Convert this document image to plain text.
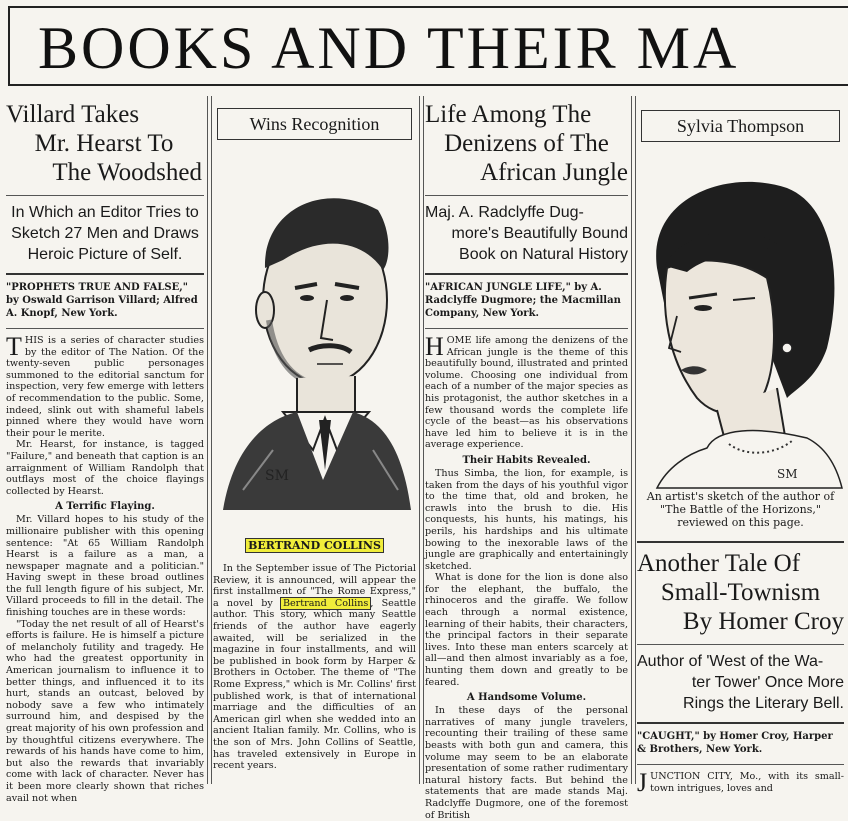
BOOKS AND THEIR MA

Villard Takes

Mr. Hearst To

The Woodshed

In Which an Editor Tries to

Sketch 27 Men and Draws

Heroic Picture of Self.

"PROPHETS TRUE AND FALSE," by Oswald Garrison Villard; Alfred A. Knopf, New York.

THIS is a series of character studies by the editor of The Nation. Of the twenty-seven public personages summoned to the editorial sanctum for inspection, very few emerge with letters of recommendation to the public. Some, indeed, slink out with shameful labels pinned where they would have worn their pour le merite.

Mr. Hearst, for instance, is tagged "Failure," and beneath that caption is an arraignment of William Randolph that outflays most of the choice flayings collected by Hearst.

A Terrific Flaying.

Mr. Villard hopes to his study of the millionaire publisher with this opening sentence: "At 65 William Randolph Hearst is a failure as a man, a newspaper magnate and a politician." Having swept in these broad outlines the full length figure of his subject, Mr. Villard proceeds to fill in the detail. The finishing touches are in these words:

"Today the net result of all of Hearst's efforts is failure. He is himself a picture of melancholy futility and tragedy. He who had the greatest opportunity in American journalism to influence it to better things, and influenced it to its hurt, stands an outcast, beloved by nobody save a few who intimately surround him, and despised by the great majority of his own profession and by thoughtful citizens everywhere. The rewards of his hands have come to him, but also the rewards that invariably come with lack of character. Never has it been more clearly shown that riches avail not when

Wins Recognition
SM
BERTRAND COLLINS

In the September issue of The Pictorial Review, it is announced, will appear the first installment of "The Rome Express," a novel by Bertrand Collins , Seattle author. This story, which many Seattle friends of the author have eagerly awaited, will be serialized in the magazine in four installments, and will be published in book form by Harper & Brothers in October. The theme of "The Rome Express," which is Mr. Collins' first published work, is that of international marriage and the difficulties of an American girl when she wedded into an ancient Italian family. Mr. Collins, who is the son of Mrs. John Collins of Seattle, has traveled extensively in Europe in recent years.

Life Among The

Denizens of The

African Jungle

Maj. A. Radclyffe Dug-

more's Beautifully Bound

Book on Natural History

"AFRICAN JUNGLE LIFE," by A. Radclyffe Dugmore; the Macmillan Company, New York.

HOME life among the denizens of the African jungle is the theme of this beautifully bound, illustrated and printed volume. Choosing one individual from each of a number of the major species as his protagonist, the author sketches in a few thousand words the complete life cycle of the beast—as his observations have led him to believe it is in the average experience.

Their Habits Revealed.

Thus Simba, the lion, for example, is taken from the days of his youthful vigor to the time that, old and broken, he crawls into the brush to die. His conquests, his hunts, his matings, his perils, his hardships and his ultimate bowing to the inexorable laws of the jungle are graphically and entertainingly sketched.

What is done for the lion is done also for the elephant, the buffalo, the rhinoceros and the giraffe. We follow each through a normal existence, learning of their habits, their characters, the principal factors in their separate lives. Into these man enters scarcely at all—and then almost invariably as a foe, hunting them down and greatly to be feared.

A Handsome Volume.

In these days of the personal narratives of many jungle travelers, recounting their trailing of these same beasts with both gun and camera, this volume may seem to be an elaborate presentation of some rather rudimentary natural history facts. But behind the statements that are made stands Maj. Radclyffe Dugmore, one of the foremost of British

Sylvia Thompson
SM

An artist's sketch of the author of "The Battle of the Horizons," reviewed on this page.

Another Tale Of

Small-Townism

By Homer Croy

Author of 'West of the Wa-

ter Tower' Once More

Rings the Literary Bell.

"CAUGHT," by Homer Croy, Harper & Brothers, New York.

JUNCTION CITY, Mo., with its small-town intrigues, loves and
